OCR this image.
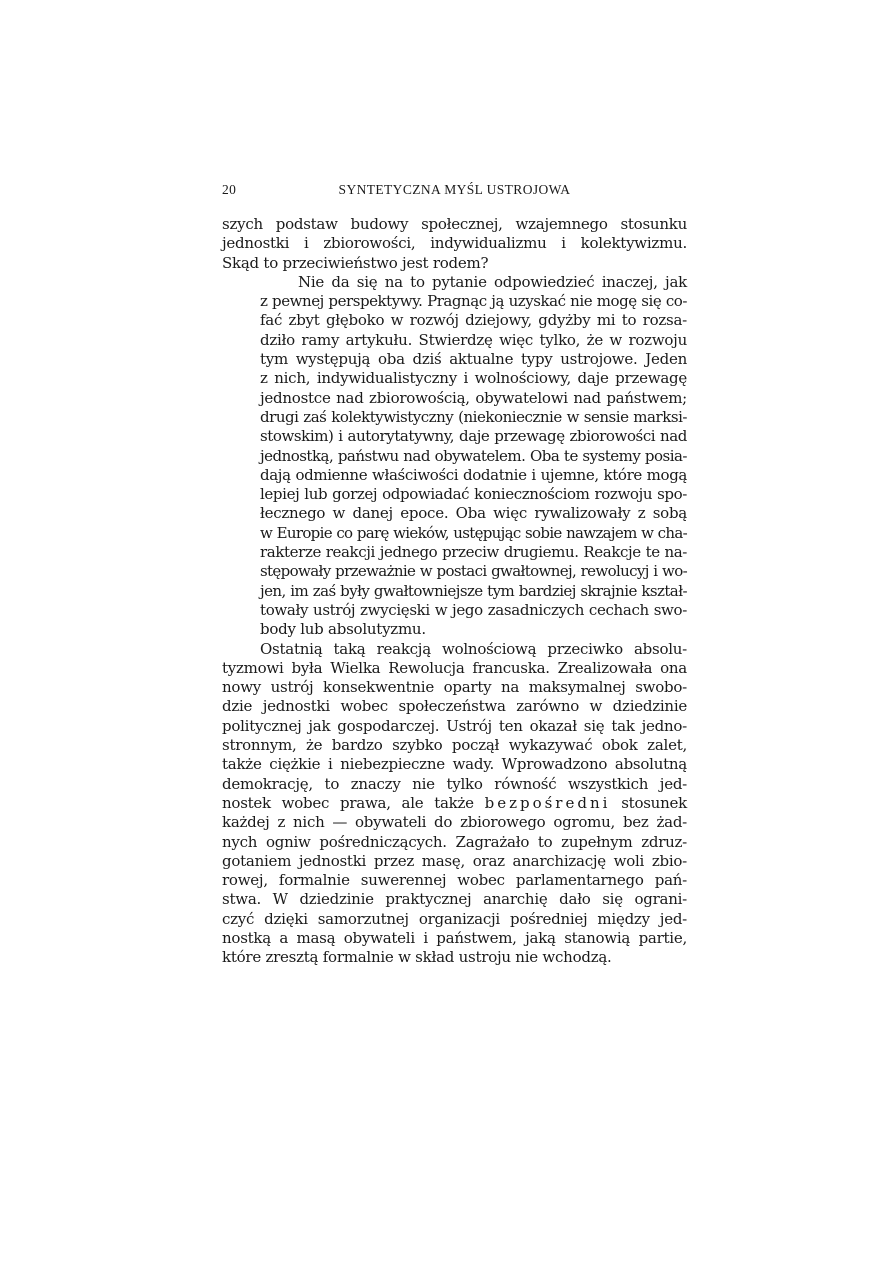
20	SYNTETYCZNA MYŚL USTROJOWA

szych podstaw budowy społecznej, wzajemnego stosunku
jednostki i zbiorowości, indywidualizmu i kolektywizmu.
Skąd to przeciwieństwo jest rodem?

Nie da się na to pytanie odpowiedzieć inaczej, jak
z pewnej perspektywy. Pragnąc ją uzyskać nie mogę się co-
fać zbyt głęboko w rozwój dziejowy, gdyżby mi to rozsa-
dziło ramy artykułu. Stwierdzę więc tylko, że w rozwoju
tym występują oba dziś aktualne typy ustrojowe. Jeden
z nich, indywidualistyczny i wolnościowy, daje przewagę
jednostce nad zbiorowością, obywatelowi nad państwem;
drugi zaś kolektywistyczny (niekoniecznie w sensie marksi-
stowskim) i autorytatywny, daje przewagę zbiorowości nad
jednostką, państwu nad obywatelem. Oba te systemy posia-
dają odmienne właściwości dodatnie i ujemne, które mogą
lepiej lub gorzej odpowiadać koniecznościom rozwoju spo-
łecznego w danej epoce. Oba więc rywalizowały z sobą
w Europie co parę wieków, ustępując sobie nawzajem w cha-
rakterze reakcji jednego przeciw drugiemu. Reakcje te na-
stępowały przeważnie w postaci gwałtownej, rewolucyj i wo-
jen, im zaś były gwałtowniejsze tym bardziej skrajnie kształ-
towały ustrój zwycięski w jego zasadniczych cechach swo-
body lub absolutyzmu.

Ostatnią taką reakcją wolnościową przeciwko absolu-
tyzmowi była Wielka Rewolucja francuska. Zrealizowała ona
nowy ustrój konsekwentnie oparty na maksymalnej swobo-
dzie jednostki wobec społeczeństwa zarówno w dziedzinie
politycznej jak gospodarczej. Ustrój ten okazał się tak jedno-
stronnym, że bardzo szybko począł wykazywać obok zalet,
także ciężkie i niebezpieczne wady. Wprowadzono absolutną
demokrację, to znaczy nie tylko równość wszystkich jed-
nostek wobec prawa, ale także bezpośredni stosunek
każdej z nich — obywateli do zbiorowego ogromu, bez żad-
nych ogniw pośredniczących. Zagrażało to zupełnym zdruz-
gotaniem jednostki przez masę, oraz anarchizację woli zbio-
rowej, formalnie suwerennej wobec parlamentarnego pań-
stwa. W dziedzinie praktycznej anarchię dało się ograni-
czyć dzięki samorzutnej organizacji pośredniej między jed-
nostką a masą obywateli i państwem, jaką stanowią partie,
które zresztą formalnie w skład ustroju nie wchodzą.
